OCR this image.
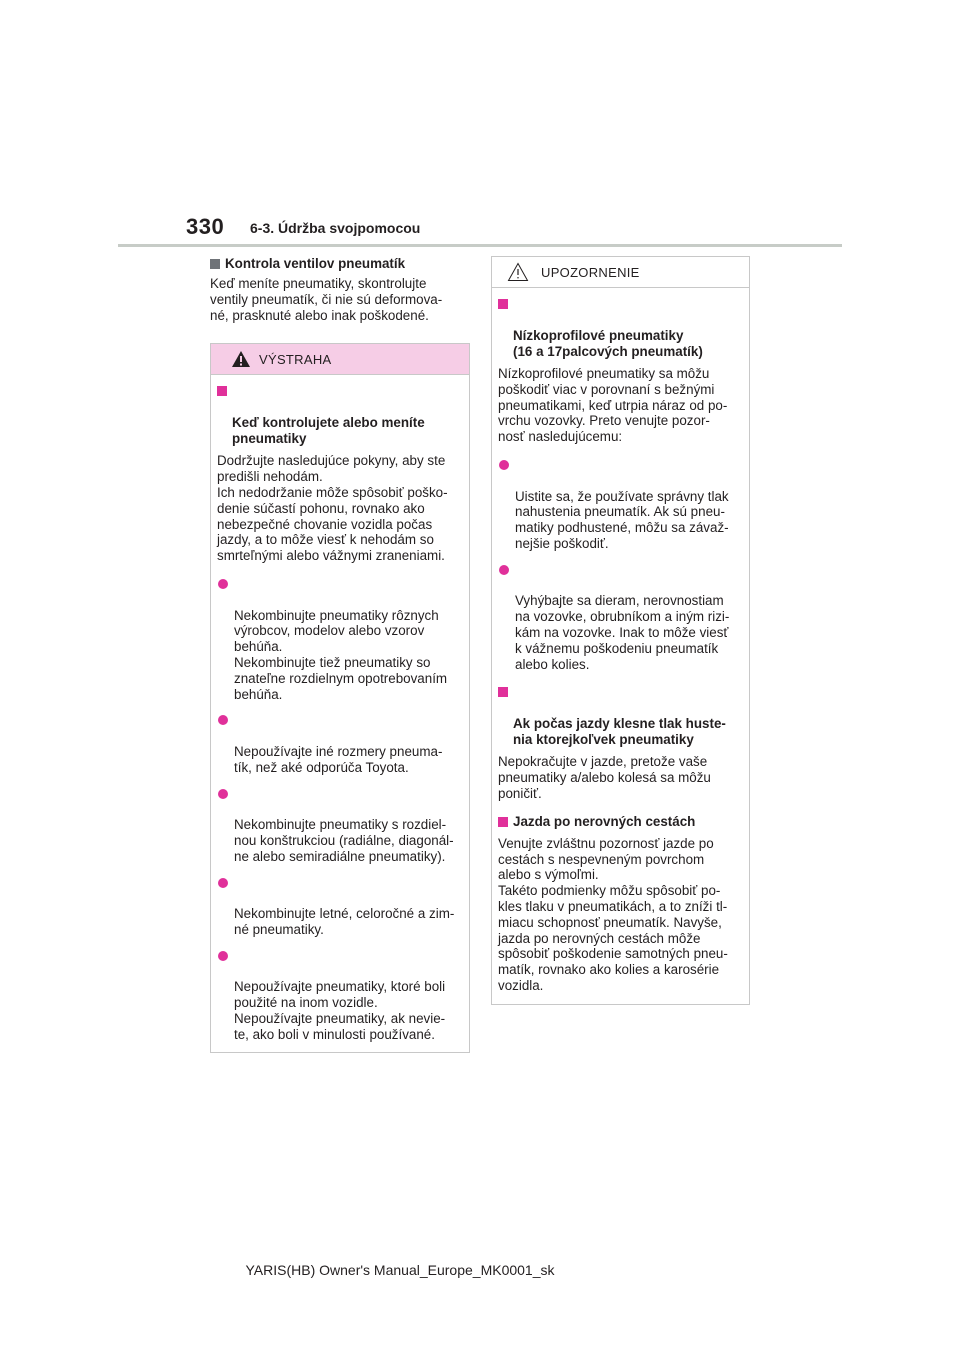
330 6-3. Údržba svojpomocou
Kontrola ventilov pneumatík
Keď meníte pneumatiky, skontrolujte
ventily pneumatík, či nie sú deformova-
né, prasknuté alebo inak poškodené.
VÝSTRAHA

Keď kontrolujete alebo meníte
pneumatiky

Dodržujte nasledujúce pokyny, aby ste
predišli nehodám.
Ich nedodržanie môže spôsobiť poško-
denie súčastí pohonu, rovnako ako
nebezpečné chovanie vozidla počas
jazdy, a to môže viesť k nehodám so
smrteľnými alebo vážnymi zraneniami.

Nekombinujte pneumatiky rôznych
výrobcov, modelov alebo vzorov
behúňa.
Nekombinujte tiež pneumatiky so
znateľne rozdielnym opotrebovaním
behúňa.

Nepoužívajte iné rozmery pneuma-
tík, než aké odporúča Toyota.

Nekombinujte pneumatiky s rozdiel-
nou konštrukciou (radiálne, diagonál-
ne alebo semiradiálne pneumatiky).

Nekombinujte letné, celoročné a zim-
né pneumatiky.

Nepoužívajte pneumatiky, ktoré boli
použité na inom vozidle.
Nepoužívajte pneumatiky, ak nevie-
te, ako boli v minulosti používané.

UPOZORNENIE

Nízkoprofilové pneumatiky
(16 a 17palcových pneumatík)

Nízkoprofilové pneumatiky sa môžu
poškodiť viac v porovnaní s bežnými
pneumatikami, keď utrpia náraz od po-
vrchu vozovky. Preto venujte pozor-
nosť nasledujúcemu:

Uistite sa, že používate správny tlak
nahustenia pneumatík. Ak sú pneu-
matiky podhustené, môžu sa závaž-
nejšie poškodiť.

Vyhýbajte sa dieram, nerovnostiam
na vozovke, obrubníkom a iným rizi-
kám na vozovke. Inak to môže viesť
k vážnemu poškodeniu pneumatík
alebo kolies.

Ak počas jazdy klesne tlak huste-
nia ktorejkoľvek pneumatiky

Nepokračujte v jazde, pretože vaše
pneumatiky a/alebo kolesá sa môžu
poničiť.
Jazda po nerovných cestách
Venujte zvláštnu pozornosť jazde po
cestách s nespevneným povrchom
alebo s výmoľmi.
Takéto podmienky môžu spôsobiť po-
kles tlaku v pneumatikách, a to zníži tl-
miacu schopnosť pneumatík. Navyše,
jazda po nerovných cestách môže
spôsobiť poškodenie samotných pneu-
matík, rovnako ako kolies a karosérie
vozidla.
YARIS(HB) Owner's Manual_Europe_MK0001_sk
